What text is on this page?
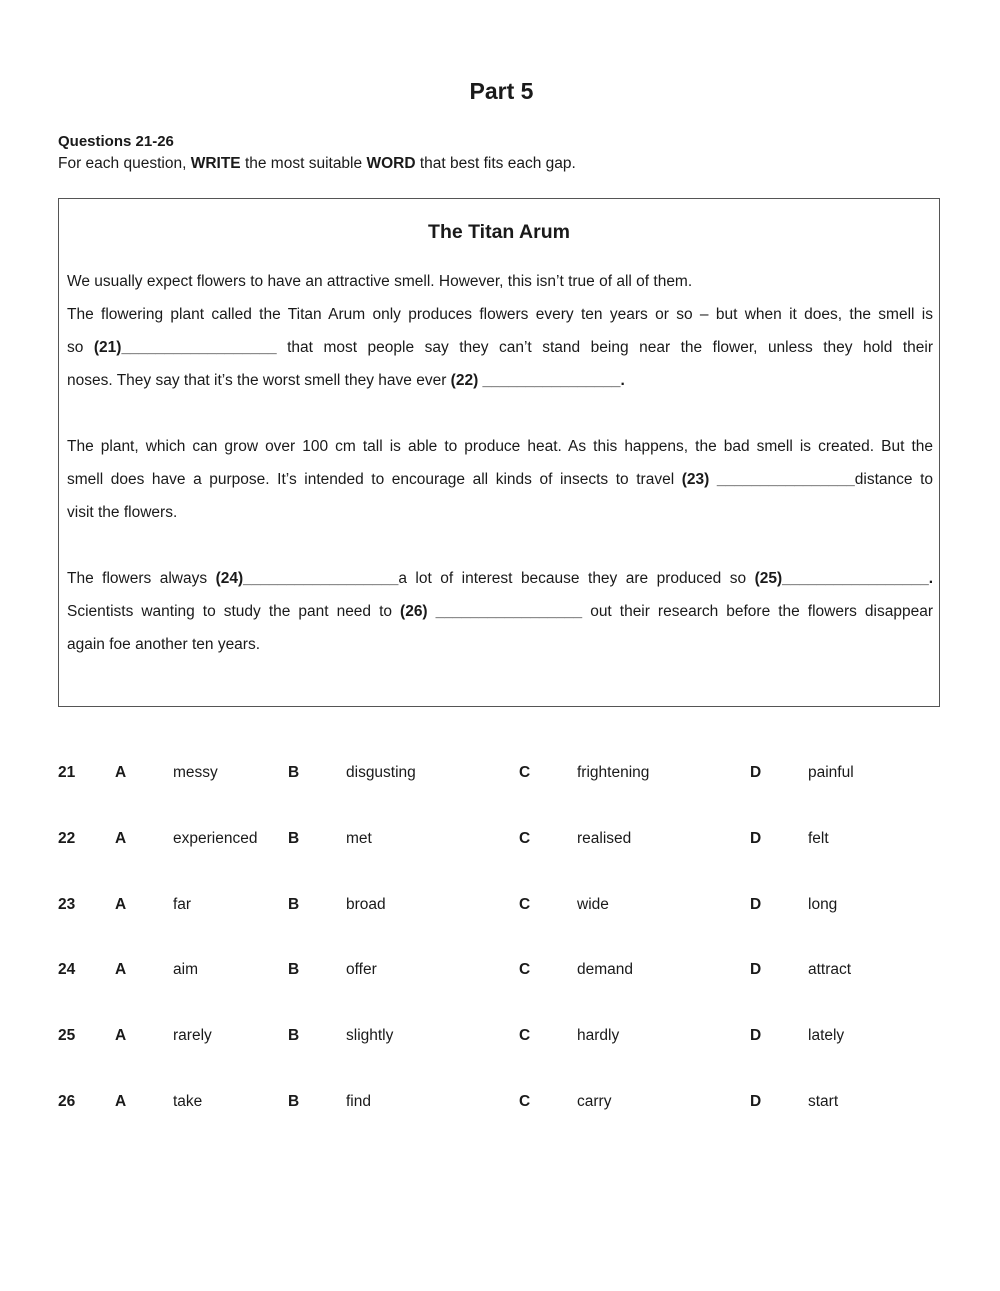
Part 5
Questions 21-26
For each question, WRITE the most suitable WORD that best fits each gap.
The Titan Arum
We usually expect flowers to have an attractive smell. However, this isn’t true of all of them.
The flowering plant called the Titan Arum only produces flowers every ten years or so – but when it does, the smell is
so (21)__________________ that most people say they can’t stand being near the flower, unless they hold their
noses. They say that it’s the worst smell they have ever (22) ________________.
The plant, which can grow over 100 cm tall is able to produce heat. As this happens, the bad smell is created. But the
smell does have a purpose. It’s intended to encourage all kinds of insects to travel (23) ________________distance to
visit the flowers.
The flowers always (24)__________________a lot of interest because they are produced so (25)_________________.
Scientists wanting to study the pant need to (26) _________________ out their research before the flowers disappear
again foe another ten years.
21	A	messy	B	disgusting	C	frightening	D	painful
22	A	experienced B	met	C	realised	D	felt
23	A	far	B	broad	C	wide	D	long
24	A	aim	B	offer	C	demand	D	attract
25	A	rarely	B	slightly	C	hardly	D	lately
26	A	take	B	find	C	carry	D	start
